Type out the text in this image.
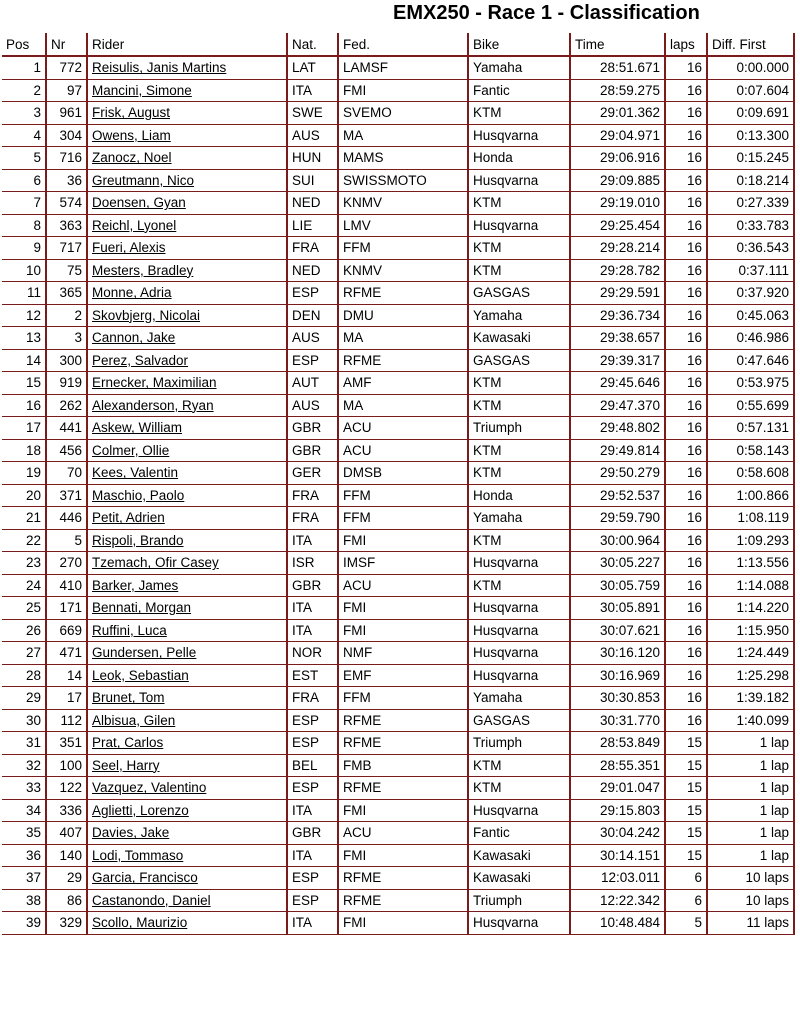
EMX250 - Race 1 - Classification
Pos	Nr	Rider	Nat.	Fed.	Bike	Time	laps	Diff. First
1	772	Reisulis, Janis Martins	LAT	LAMSF	Yamaha	28:51.671	16	0:00.000
2	97	Mancini, Simone	ITA	FMI	Fantic	28:59.275	16	0:07.604
3	961	Frisk, August	SWE	SVEMO	KTM	29:01.362	16	0:09.691
4	304	Owens, Liam	AUS	MA	Husqvarna	29:04.971	16	0:13.300
5	716	Zanocz, Noel	HUN	MAMS	Honda	29:06.916	16	0:15.245
6	36	Greutmann, Nico	SUI	SWISSMOTO	Husqvarna	29:09.885	16	0:18.214
7	574	Doensen, Gyan	NED	KNMV	KTM	29:19.010	16	0:27.339
8	363	Reichl, Lyonel	LIE	LMV	Husqvarna	29:25.454	16	0:33.783
9	717	Fueri, Alexis	FRA	FFM	KTM	29:28.214	16	0:36.543
10	75	Mesters, Bradley	NED	KNMV	KTM	29:28.782	16	0:37.111
11	365	Monne, Adria	ESP	RFME	GASGAS	29:29.591	16	0:37.920
12	2	Skovbjerg, Nicolai	DEN	DMU	Yamaha	29:36.734	16	0:45.063
13	3	Cannon, Jake	AUS	MA	Kawasaki	29:38.657	16	0:46.986
14	300	Perez, Salvador	ESP	RFME	GASGAS	29:39.317	16	0:47.646
15	919	Ernecker, Maximilian	AUT	AMF	KTM	29:45.646	16	0:53.975
16	262	Alexanderson, Ryan	AUS	MA	KTM	29:47.370	16	0:55.699
17	441	Askew, William	GBR	ACU	Triumph	29:48.802	16	0:57.131
18	456	Colmer, Ollie	GBR	ACU	KTM	29:49.814	16	0:58.143
19	70	Kees, Valentin	GER	DMSB	KTM	29:50.279	16	0:58.608
20	371	Maschio, Paolo	FRA	FFM	Honda	29:52.537	16	1:00.866
21	446	Petit, Adrien	FRA	FFM	Yamaha	29:59.790	16	1:08.119
22	5	Rispoli, Brando	ITA	FMI	KTM	30:00.964	16	1:09.293
23	270	Tzemach, Ofir Casey	ISR	IMSF	Husqvarna	30:05.227	16	1:13.556
24	410	Barker, James	GBR	ACU	KTM	30:05.759	16	1:14.088
25	171	Bennati, Morgan	ITA	FMI	Husqvarna	30:05.891	16	1:14.220
26	669	Ruffini, Luca	ITA	FMI	Husqvarna	30:07.621	16	1:15.950
27	471	Gundersen, Pelle	NOR	NMF	Husqvarna	30:16.120	16	1:24.449
28	14	Leok, Sebastian	EST	EMF	Husqvarna	30:16.969	16	1:25.298
29	17	Brunet, Tom	FRA	FFM	Yamaha	30:30.853	16	1:39.182
30	112	Albisua, Gilen	ESP	RFME	GASGAS	30:31.770	16	1:40.099
31	351	Prat, Carlos	ESP	RFME	Triumph	28:53.849	15	1 lap
32	100	Seel, Harry	BEL	FMB	KTM	28:55.351	15	1 lap
33	122	Vazquez, Valentino	ESP	RFME	KTM	29:01.047	15	1 lap
34	336	Aglietti, Lorenzo	ITA	FMI	Husqvarna	29:15.803	15	1 lap
35	407	Davies, Jake	GBR	ACU	Fantic	30:04.242	15	1 lap
36	140	Lodi, Tommaso	ITA	FMI	Kawasaki	30:14.151	15	1 lap
37	29	Garcia, Francisco	ESP	RFME	Kawasaki	12:03.011	6	10 laps
38	86	Castanondo, Daniel	ESP	RFME	Triumph	12:22.342	6	10 laps
39	329	Scollo, Maurizio	ITA	FMI	Husqvarna	10:48.484	5	11 laps
